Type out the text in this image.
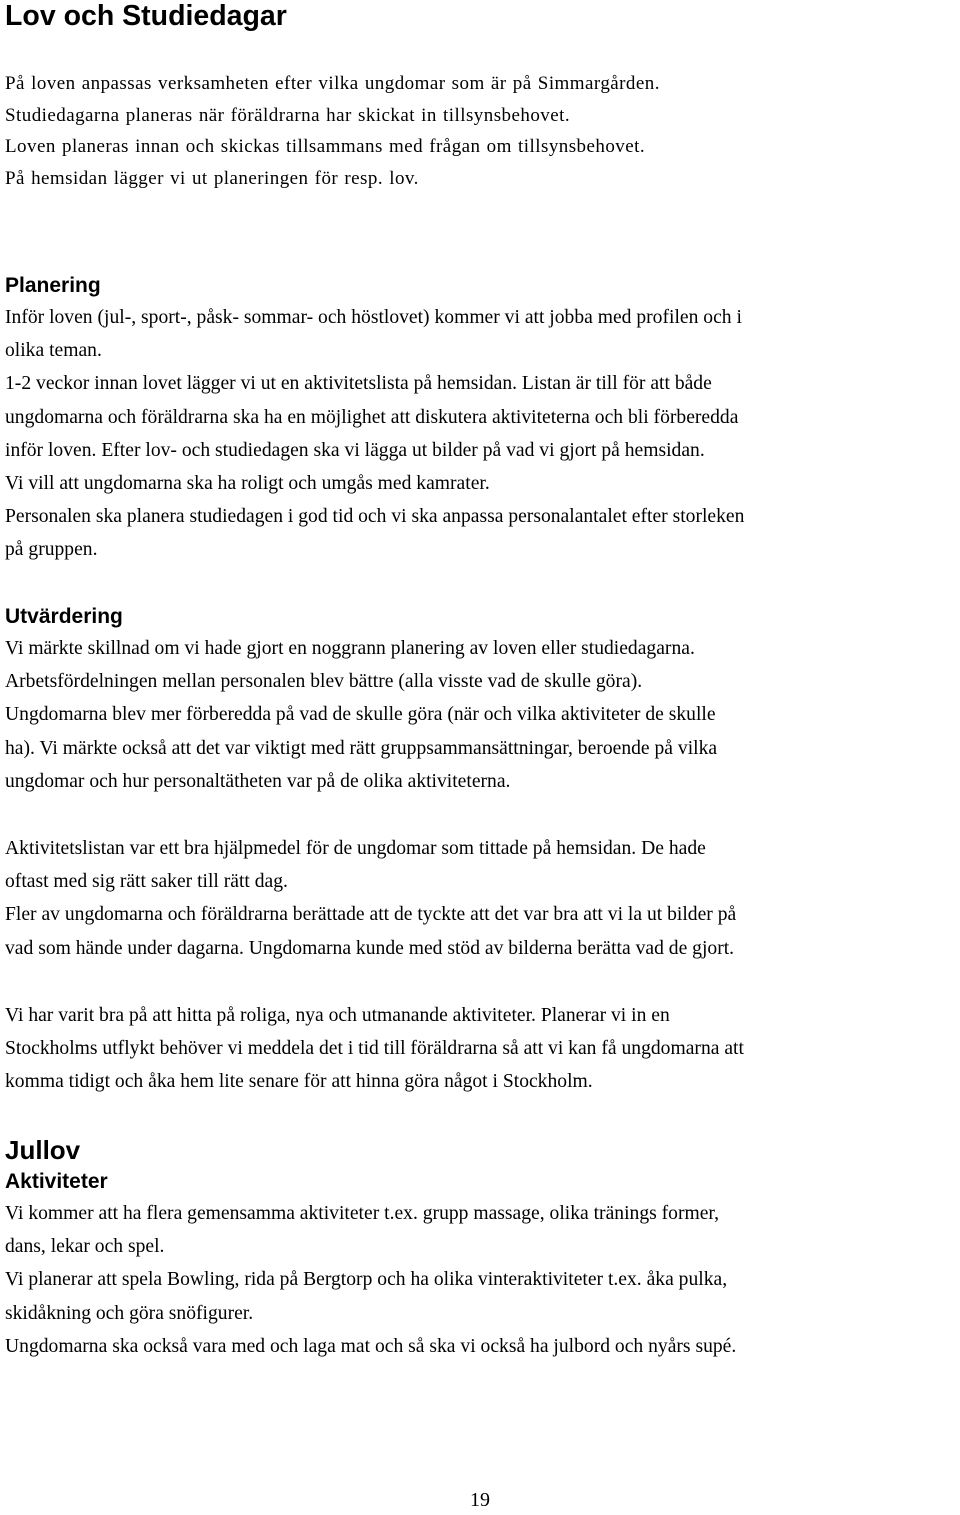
Lov och Studiedagar
På loven anpassas verksamheten efter vilka ungdomar som är på Simmargården.
Studiedagarna planeras när föräldrarna har skickat in tillsynsbehovet.
Loven planeras innan och skickas tillsammans med frågan om tillsynsbehovet.
På hemsidan lägger vi ut planeringen för resp. lov.
Planering
Inför loven (jul-, sport-, påsk- sommar- och höstlovet) kommer vi att jobba med profilen och i
olika teman.
1-2 veckor innan lovet lägger vi ut en aktivitetslista på hemsidan. Listan är till för att både
ungdomarna och föräldrarna ska ha en möjlighet att diskutera aktiviteterna och bli förberedda
inför loven. Efter lov- och studiedagen ska vi lägga ut bilder på vad vi gjort på hemsidan.
Vi vill att ungdomarna ska ha roligt och umgås med kamrater.
Personalen ska planera studiedagen i god tid och vi ska anpassa personalantalet efter storleken
på gruppen.
Utvärdering
Vi märkte skillnad om vi hade gjort en noggrann planering av loven eller studiedagarna.
Arbetsfördelningen mellan personalen blev bättre (alla visste vad de skulle göra).
Ungdomarna blev mer förberedda på vad de skulle göra (när och vilka aktiviteter de skulle
ha). Vi märkte också att det var viktigt med rätt gruppsammansättningar, beroende på vilka
ungdomar och hur personaltätheten var på de olika aktiviteterna.
Aktivitetslistan var ett bra hjälpmedel för de ungdomar som tittade på hemsidan. De hade
oftast med sig rätt saker till rätt dag.
Fler av ungdomarna och föräldrarna berättade att de tyckte att det var bra att vi la ut bilder på
vad som hände under dagarna. Ungdomarna kunde med stöd av bilderna berätta vad de gjort.
Vi har varit bra på att hitta på roliga, nya och utmanande aktiviteter. Planerar vi in en
Stockholms utflykt behöver vi meddela det i tid till föräldrarna så att vi kan få ungdomarna att
komma tidigt och åka hem lite senare för att hinna göra något i Stockholm.
Jullov
Aktiviteter
Vi kommer att ha flera gemensamma aktiviteter t.ex. grupp massage, olika tränings former,
dans, lekar och spel.
Vi planerar att spela Bowling, rida på Bergtorp och ha olika vinteraktiviteter t.ex. åka pulka,
skidåkning och göra snöfigurer.
Ungdomarna ska också vara med och laga mat och så ska vi också ha julbord och nyårs supé.
19
